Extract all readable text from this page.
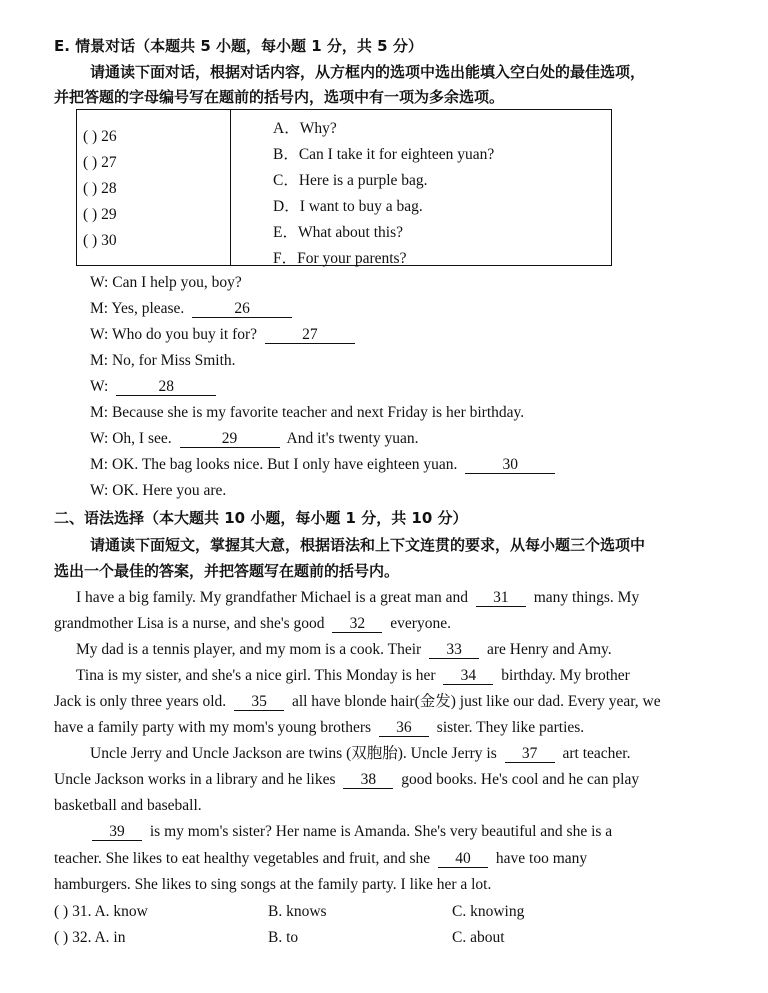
E. 情景对话（本题共 5 小题，每小题 1 分，共 5 分）
请通读下面对话，根据对话内容，从方框内的选项中选出能填入空白处的最佳选项，
并把答题的字母编号写在题前的括号内，选项中有一项为多余选项。
( ) 26
( ) 27
( ) 28
( ) 29
( ) 30
A．Why?
B．Can I take it for eighteen yuan?
C．Here is a purple bag.
D．I want to buy a bag.
E．What about this?
F．For your parents?
W: Can I help you, boy?
M: Yes, please.	26
W: Who do you buy it for?	27
M: No, for Miss Smith.
W:	28
M: Because she is my favorite teacher and next Friday is her birthday.
W: Oh, I see.	29	And it's twenty yuan.
M: OK. The bag looks nice. But I only have eighteen yuan.	30
W: OK. Here you are.
二、语法选择（本大题共 10 小题，每小题 1 分，共 10 分）
请通读下面短文，掌握其大意，根据语法和上下文连贯的要求，从每小题三个选项中
选出一个最佳的答案，并把答题写在题前的括号内。
I have a big family. My grandfather Michael is a great man and 31 many things. My
grandmother Lisa is a nurse, and she's good 32 everyone.
My dad is a tennis player, and my mom is a cook. Their 33 are Henry and Amy.
Tina is my sister, and she's a nice girl. This Monday is her 34 birthday. My brother
Jack is only three years old. 35 all have blonde hair(金发) just like our dad. Every year, we
have a family party with my mom's young brothers 36 sister. They like parties.
Uncle Jerry and Uncle Jackson are twins (双胞胎). Uncle Jerry is 37 art teacher.
Uncle Jackson works in a library and he likes 38 good books. He's cool and he can play
basketball and baseball.
39 is my mom's sister? Her name is Amanda. She's very beautiful and she is a
teacher. She likes to eat healthy vegetables and fruit, and she 40 have too many
hamburgers. She likes to sing songs at the family party. I like her a lot.
( ) 31. A. know	B. knows	C. knowing
( ) 32. A. in	B. to	C. about
